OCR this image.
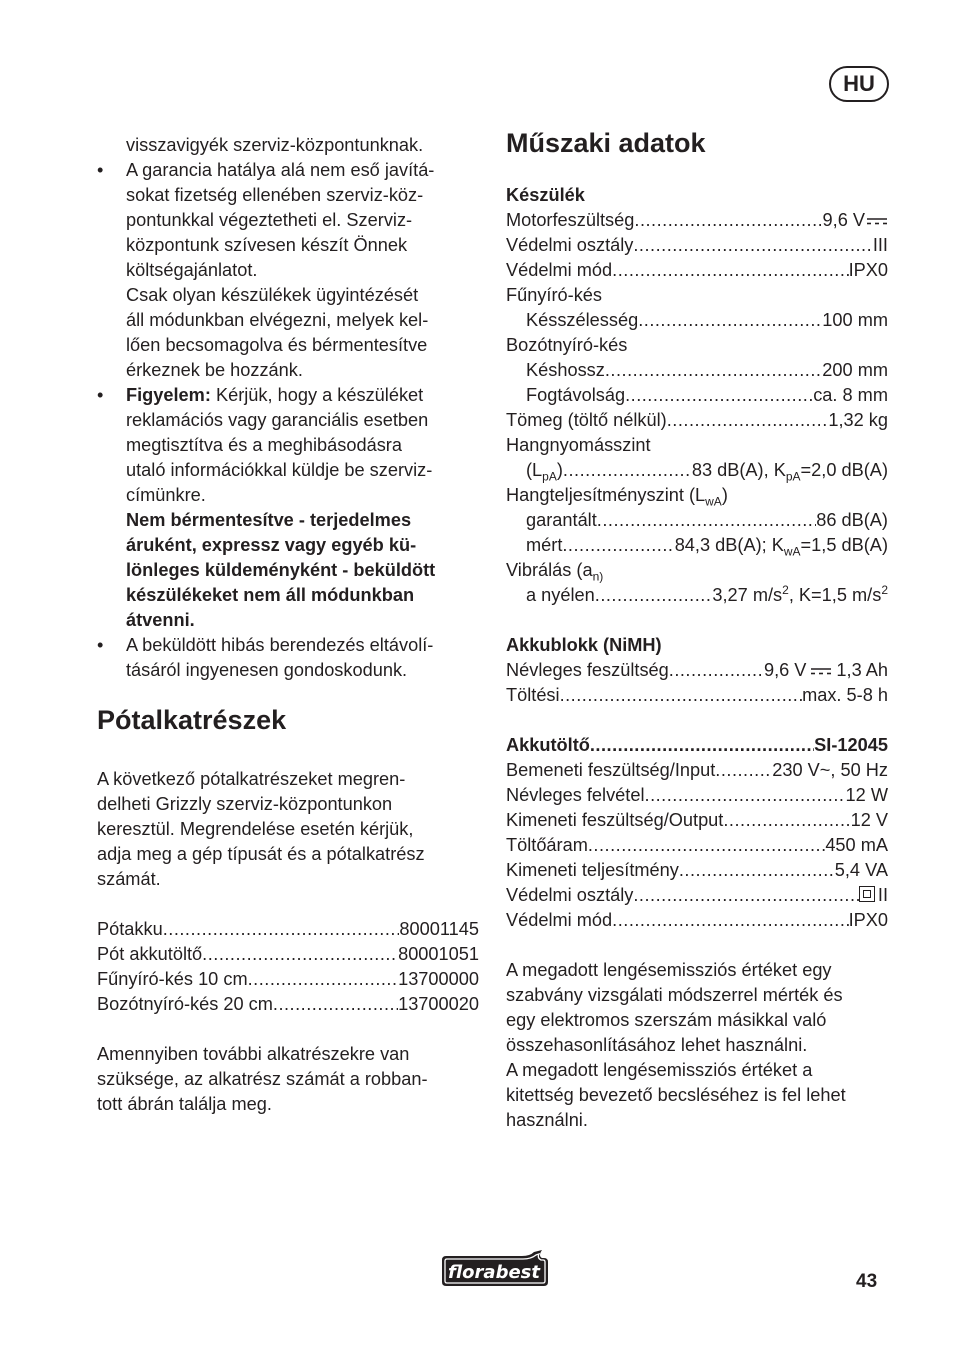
HU

visszavigyék szerviz-központunknak.

• A garancia hatálya alá nem eső javítá-
sokat fizetség ellenében szerviz-köz-
pontunkkal végeztetheti el. Szerviz-
központunk szívesen készít Önnek
költségajánlatot.
Csak olyan készülékek ügyintézését
áll módunkban elvégezni, melyek kel-
lően becsomagolva és bérmentesítve
érkeznek be hozzánk.
• Figyelem: Kérjük, hogy a készüléket
reklamációs vagy garanciális esetben
megtisztítva és a meghibásodásra
utaló információkkal küldje be szerviz-
címünkre.
Nem bérmentesítve - terjedelmes
áruként, expressz vagy egyéb kü-
lönleges küldeményként - beküldött
készülékeket nem áll módunkban
átvenni.
• A beküldött hibás berendezés eltávolí-
tásáról ingyenesen gondoskodunk.
Pótalkatrészek
A következő pótalkatrészeket megren-
delheti Grizzly szerviz-központunkon
keresztül. Megrendelése esetén kérjük,
adja meg a gép típusát és a pótalkatrész
számát.
Pótakku .....	80001145
Pót akkutöltő .....	80001051
Fűnyíró-kés 10 cm .....	13700000
Bozótnyíró-kés 20 cm .....	13700020
Amennyiben további alkatrészekre van
szüksége, az alkatrész számát a robban-
tott ábrán találja meg.
Műszaki adatok
Készülék
Motorfeszültség .....	9,6 V
Védelmi osztály .....	III
Védelmi mód .....	IPX0
Fűnyíró-kés
Késszélesség .....	100 mm
Bozótnyíró-kés
Késhossz .....	200 mm
Fogtávolság .....	ca. 8 mm
Tömeg (töltő nélkül) .....	1,32 kg
Hangnyomásszint
$(L_{pA})$ .....	83 dB(A), $K_{pA}=2,0$ dB(A)
Hangteljesítményszint $(L_{wA})$
garantált .....	86 dB(A)
mért .....	84,3 dB(A); $K_{wA}=1,5$ dB(A)
Vibrálás ($a_{n)}$
a nyélen .....	3,27 $m/s^2$, K=1,5 $m/s^2$
Akkublokk (NiMH)
Névleges feszültség .....	9,6 V 1,3 Ah
Töltési .....	max. 5-8 h
Akkutöltő .....	SI-12045
Bemeneti feszültség/Input .....	230 V~, 50 Hz
Névleges felvétel .....	12 W
Kimeneti feszültség/Output .....	12 V
Töltőáram .....	450 mA
Kimeneti teljesítmény .....	5,4 VA
Védelmi osztály .....	II
Védelmi mód .....	IPX0
A megadott lengésemissziós értéket egy
szabvány vizsgálati módszerrel mérték és
egy elektromos szerszám másikkal való
összehasonlításához lehet használni.
A megadott lengésemissziós értéket a
kitettség bevezető becsléséhez is fel lehet
használni.
florabest	43
